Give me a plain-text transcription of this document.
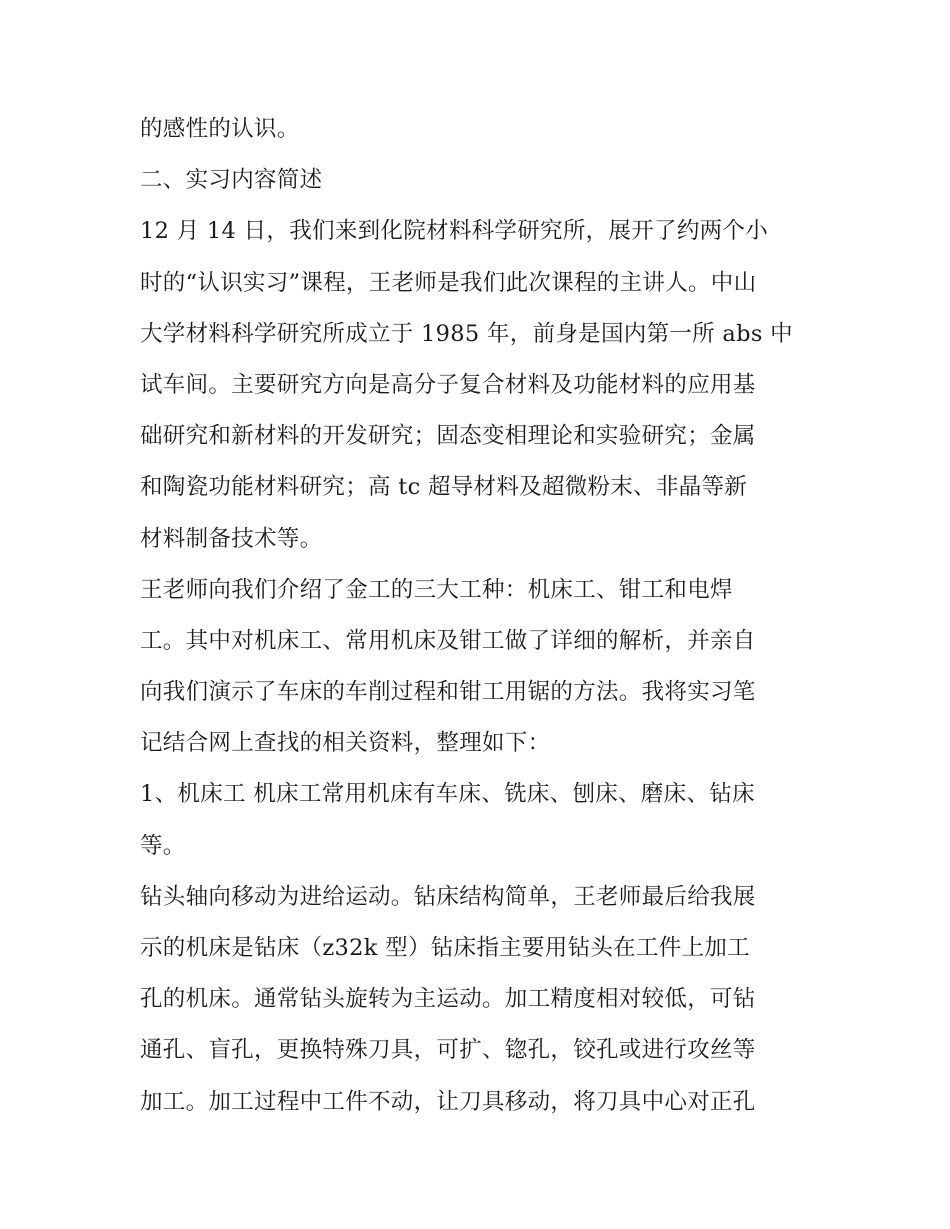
的感性的认识。
二、实习内容简述
12 月 14 日，我们来到化院材料科学研究所，展开了约两个小
时的“认识实习”课程，王老师是我们此次课程的主讲人。中山
大学材料科学研究所成立于 1985 年，前身是国内第一所 abs 中
试车间。主要研究方向是高分子复合材料及功能材料的应用基
础研究和新材料的开发研究；固态变相理论和实验研究；金属
和陶瓷功能材料研究；高 tc 超导材料及超微粉末、非晶等新
材料制备技术等。
王老师向我们介绍了金工的三大工种：机床工、钳工和电焊
工。其中对机床工、常用机床及钳工做了详细的解析，并亲自
向我们演示了车床的车削过程和钳工用锯的方法。我将实习笔
记结合网上查找的相关资料，整理如下：
1、机床工 机床工常用机床有车床、铣床、刨床、磨床、钻床
等。
钻头轴向移动为进给运动。钻床结构简单，王老师最后给我展
示的机床是钻床（z32k 型）钻床指主要用钻头在工件上加工
孔的机床。通常钻头旋转为主运动。加工精度相对较低，可钻
通孔、盲孔，更换特殊刀具，可扩、锪孔，铰孔或进行攻丝等
加工。加工过程中工件不动，让刀具移动，将刀具中心对正孔
